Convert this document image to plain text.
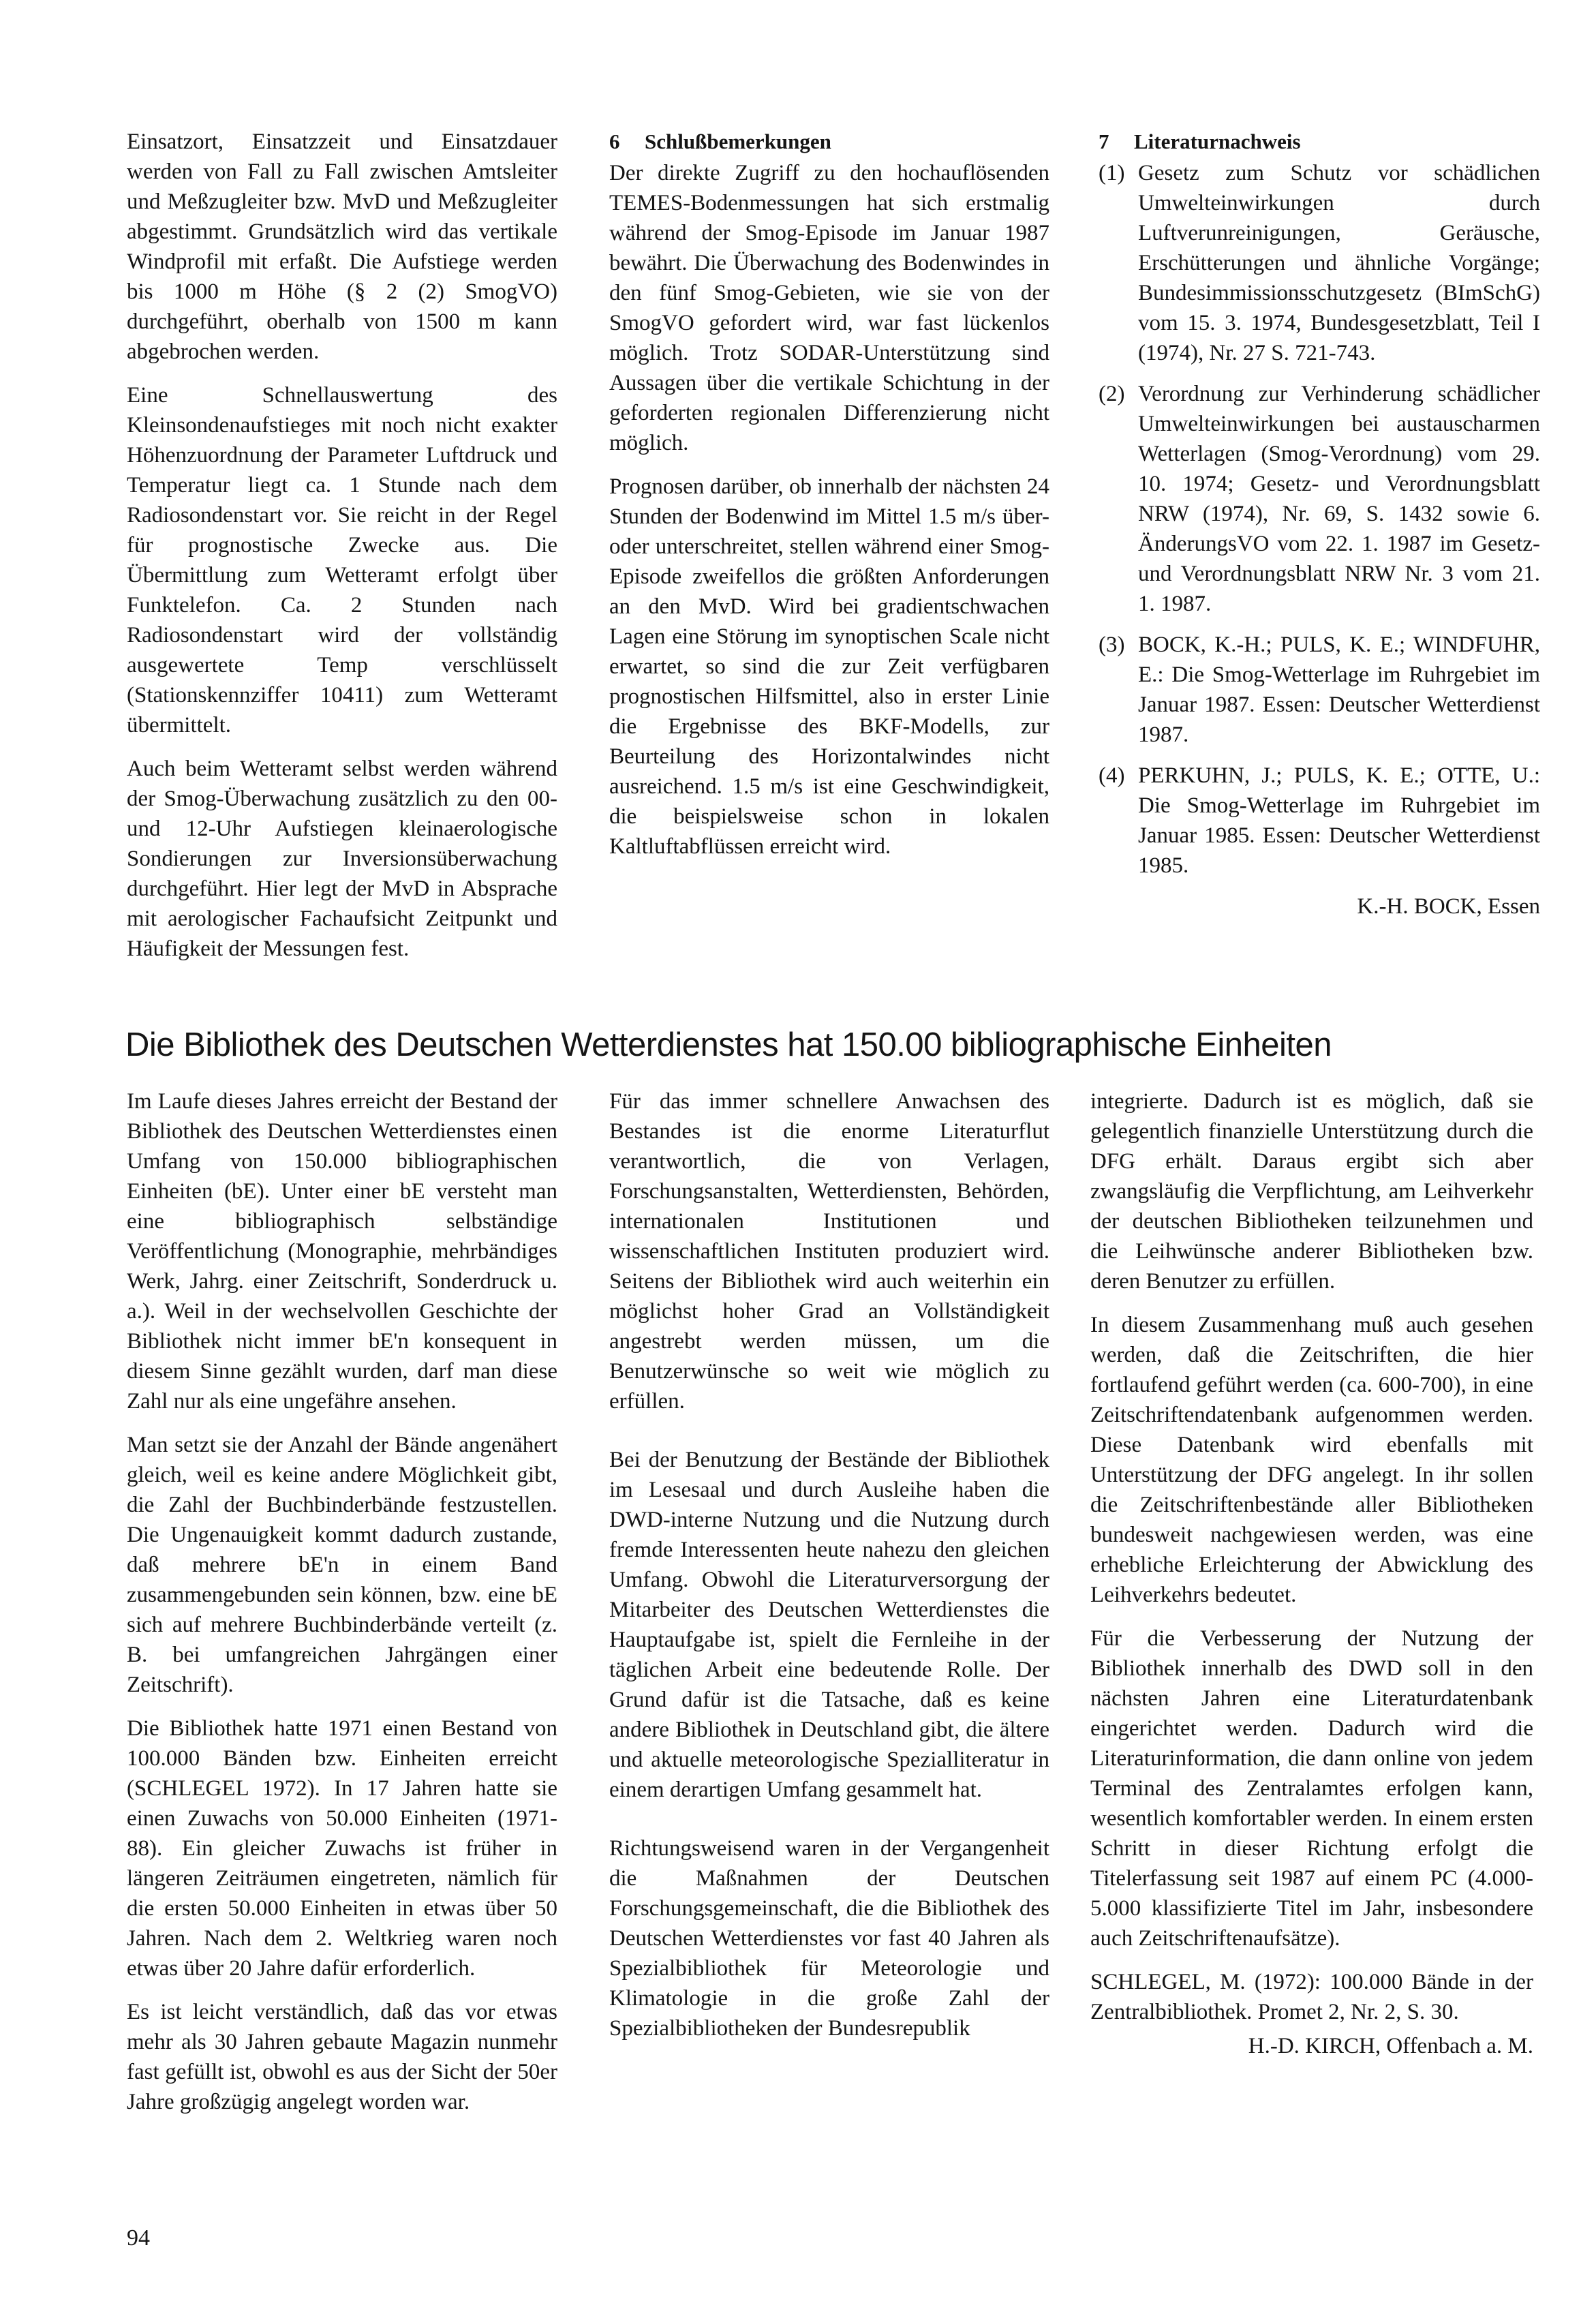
Einsatzort, Einsatzzeit und Einsatzdauer werden von Fall zu Fall zwischen Amtsleiter und Meßzugleiter bzw. MvD und Meßzugleiter abgestimmt. Grundsätzlich wird das vertikale Windprofil mit erfaßt. Die Aufstiege werden bis 1000 m Höhe (§ 2 (2) SmogVO) durchgeführt, oberhalb von 1500 m kann abgebrochen werden.

Eine Schnellauswertung des Kleinsondenaufstieges mit noch nicht exakter Höhenzuordnung der Parameter Luftdruck und Temperatur liegt ca. 1 Stunde nach dem Radiosondenstart vor. Sie reicht in der Regel für prognostische Zwecke aus. Die Übermittlung zum Wetteramt erfolgt über Funktelefon. Ca. 2 Stunden nach Radiosondenstart wird der vollständig ausgewertete Temp verschlüsselt (Stationskennziffer 10411) zum Wetteramt übermittelt.

Auch beim Wetteramt selbst werden während der Smog-Überwachung zusätzlich zu den 00- und 12-Uhr Aufstiegen kleinaerologische Sondierungen zur Inversionsüberwachung durchgeführt. Hier legt der MvD in Absprache mit aerologischer Fachaufsicht Zeitpunkt und Häufigkeit der Messungen fest.

6 Schlußbemerkungen

Der direkte Zugriff zu den hochauflösenden TEMES-Bodenmessungen hat sich erstmalig während der Smog-Episode im Januar 1987 bewährt. Die Überwachung des Bodenwindes in den fünf Smog-Gebieten, wie sie von der SmogVO gefordert wird, war fast lückenlos möglich. Trotz SODAR-Unterstützung sind Aussagen über die vertikale Schichtung in der geforderten regionalen Differenzierung nicht möglich.

Prognosen darüber, ob innerhalb der nächsten 24 Stunden der Bodenwind im Mittel 1.5 m/s über- oder unterschreitet, stellen während einer Smog-Episode zweifellos die größten Anforderungen an den MvD. Wird bei gradientschwachen Lagen eine Störung im synoptischen Scale nicht erwartet, so sind die zur Zeit verfügbaren prognostischen Hilfsmittel, also in erster Linie die Ergebnisse des BKF-Modells, zur Beurteilung des Horizontalwindes nicht ausreichend. 1.5 m/s ist eine Geschwindigkeit, die beispielsweise schon in lokalen Kaltluftabflüssen erreicht wird.

7 Literaturnachweis
(1) Gesetz zum Schutz vor schädlichen Umwelteinwirkungen durch Luftverunreinigungen, Geräusche, Erschütterungen und ähnliche Vorgänge; Bundesimmissionsschutzgesetz (BImSchG) vom 15. 3. 1974, Bundesgesetzblatt, Teil I (1974), Nr. 27 S. 721-743.
(2) Verordnung zur Verhinderung schädlicher Umwelteinwirkungen bei austauscharmen Wetterlagen (Smog-Verordnung) vom 29. 10. 1974; Gesetz- und Verordnungsblatt NRW (1974), Nr. 69, S. 1432 sowie 6. ÄnderungsVO vom 22. 1. 1987 im Gesetz- und Verordnungsblatt NRW Nr. 3 vom 21. 1. 1987.
(3) BOCK, K.-H.; PULS, K. E.; WINDFUHR, E.: Die Smog-Wetterlage im Ruhrgebiet im Januar 1987. Essen: Deutscher Wetterdienst 1987.
(4) PERKUHN, J.; PULS, K. E.; OTTE, U.: Die Smog-Wetterlage im Ruhrgebiet im Januar 1985. Essen: Deutscher Wetterdienst 1985.
K.-H. BOCK, Essen
Die Bibliothek des Deutschen Wetterdienstes hat 150.00 bibliographische Einheiten

Im Laufe dieses Jahres erreicht der Bestand der Bibliothek des Deutschen Wetterdienstes einen Umfang von 150.000 bibliographischen Einheiten (bE). Unter einer bE versteht man eine bibliographisch selbständige Veröffentlichung (Monographie, mehrbändiges Werk, Jahrg. einer Zeitschrift, Sonderdruck u. a.). Weil in der wechselvollen Geschichte der Bibliothek nicht immer bE'n konsequent in diesem Sinne gezählt wurden, darf man diese Zahl nur als eine ungefähre ansehen.

Man setzt sie der Anzahl der Bände angenähert gleich, weil es keine andere Möglichkeit gibt, die Zahl der Buchbinderbände festzustellen. Die Ungenauigkeit kommt dadurch zustande, daß mehrere bE'n in einem Band zusammengebunden sein können, bzw. eine bE sich auf mehrere Buchbinderbände verteilt (z. B. bei umfangreichen Jahrgängen einer Zeitschrift).

Die Bibliothek hatte 1971 einen Bestand von 100.000 Bänden bzw. Einheiten erreicht (SCHLEGEL 1972). In 17 Jahren hatte sie einen Zuwachs von 50.000 Einheiten (1971-88). Ein gleicher Zuwachs ist früher in längeren Zeiträumen eingetreten, nämlich für die ersten 50.000 Einheiten in etwas über 50 Jahren. Nach dem 2. Weltkrieg waren noch etwas über 20 Jahre dafür erforderlich.

Es ist leicht verständlich, daß das vor etwas mehr als 30 Jahren gebaute Magazin nunmehr fast gefüllt ist, obwohl es aus der Sicht der 50er Jahre großzügig angelegt worden war.

Für das immer schnellere Anwachsen des Bestandes ist die enorme Literaturflut verantwortlich, die von Verlagen, Forschungsanstalten, Wetterdiensten, Behörden, internationalen Institutionen und wissenschaftlichen Instituten produziert wird. Seitens der Bibliothek wird auch weiterhin ein möglichst hoher Grad an Vollständigkeit angestrebt werden müssen, um die Benutzerwünsche so weit wie möglich zu erfüllen.

Bei der Benutzung der Bestände der Bibliothek im Lesesaal und durch Ausleihe haben die DWD-interne Nutzung und die Nutzung durch fremde Interessenten heute nahezu den gleichen Umfang. Obwohl die Literaturversorgung der Mitarbeiter des Deutschen Wetterdienstes die Hauptaufgabe ist, spielt die Fernleihe in der täglichen Arbeit eine bedeutende Rolle. Der Grund dafür ist die Tatsache, daß es keine andere Bibliothek in Deutschland gibt, die ältere und aktuelle meteorologische Spezialliteratur in einem derartigen Umfang gesammelt hat.

Richtungsweisend waren in der Vergangenheit die Maßnahmen der Deutschen Forschungsgemeinschaft, die die Bibliothek des Deutschen Wetterdienstes vor fast 40 Jahren als Spezialbibliothek für Meteorologie und Klimatologie in die große Zahl der Spezialbibliotheken der Bundesrepublik

integrierte. Dadurch ist es möglich, daß sie gelegentlich finanzielle Unterstützung durch die DFG erhält. Daraus ergibt sich aber zwangsläufig die Verpflichtung, am Leihverkehr der deutschen Bibliotheken teilzunehmen und die Leihwünsche anderer Bibliotheken bzw. deren Benutzer zu erfüllen.

In diesem Zusammenhang muß auch gesehen werden, daß die Zeitschriften, die hier fortlaufend geführt werden (ca. 600-700), in eine Zeitschriftendatenbank aufgenommen werden. Diese Datenbank wird ebenfalls mit Unterstützung der DFG angelegt. In ihr sollen die Zeitschriftenbestände aller Bibliotheken bundesweit nachgewiesen werden, was eine erhebliche Erleichterung der Abwicklung des Leihverkehrs bedeutet.

Für die Verbesserung der Nutzung der Bibliothek innerhalb des DWD soll in den nächsten Jahren eine Literaturdatenbank eingerichtet werden. Dadurch wird die Literaturinformation, die dann online von jedem Terminal des Zentralamtes erfolgen kann, wesentlich komfortabler werden. In einem ersten Schritt in dieser Richtung erfolgt die Titelerfassung seit 1987 auf einem PC (4.000-5.000 klassifizierte Titel im Jahr, insbesondere auch Zeitschriftenaufsätze).

SCHLEGEL, M. (1972): 100.000 Bände in der Zentralbibliothek. Promet 2, Nr. 2, S. 30.

H.-D. KIRCH, Offenbach a. M.
94
